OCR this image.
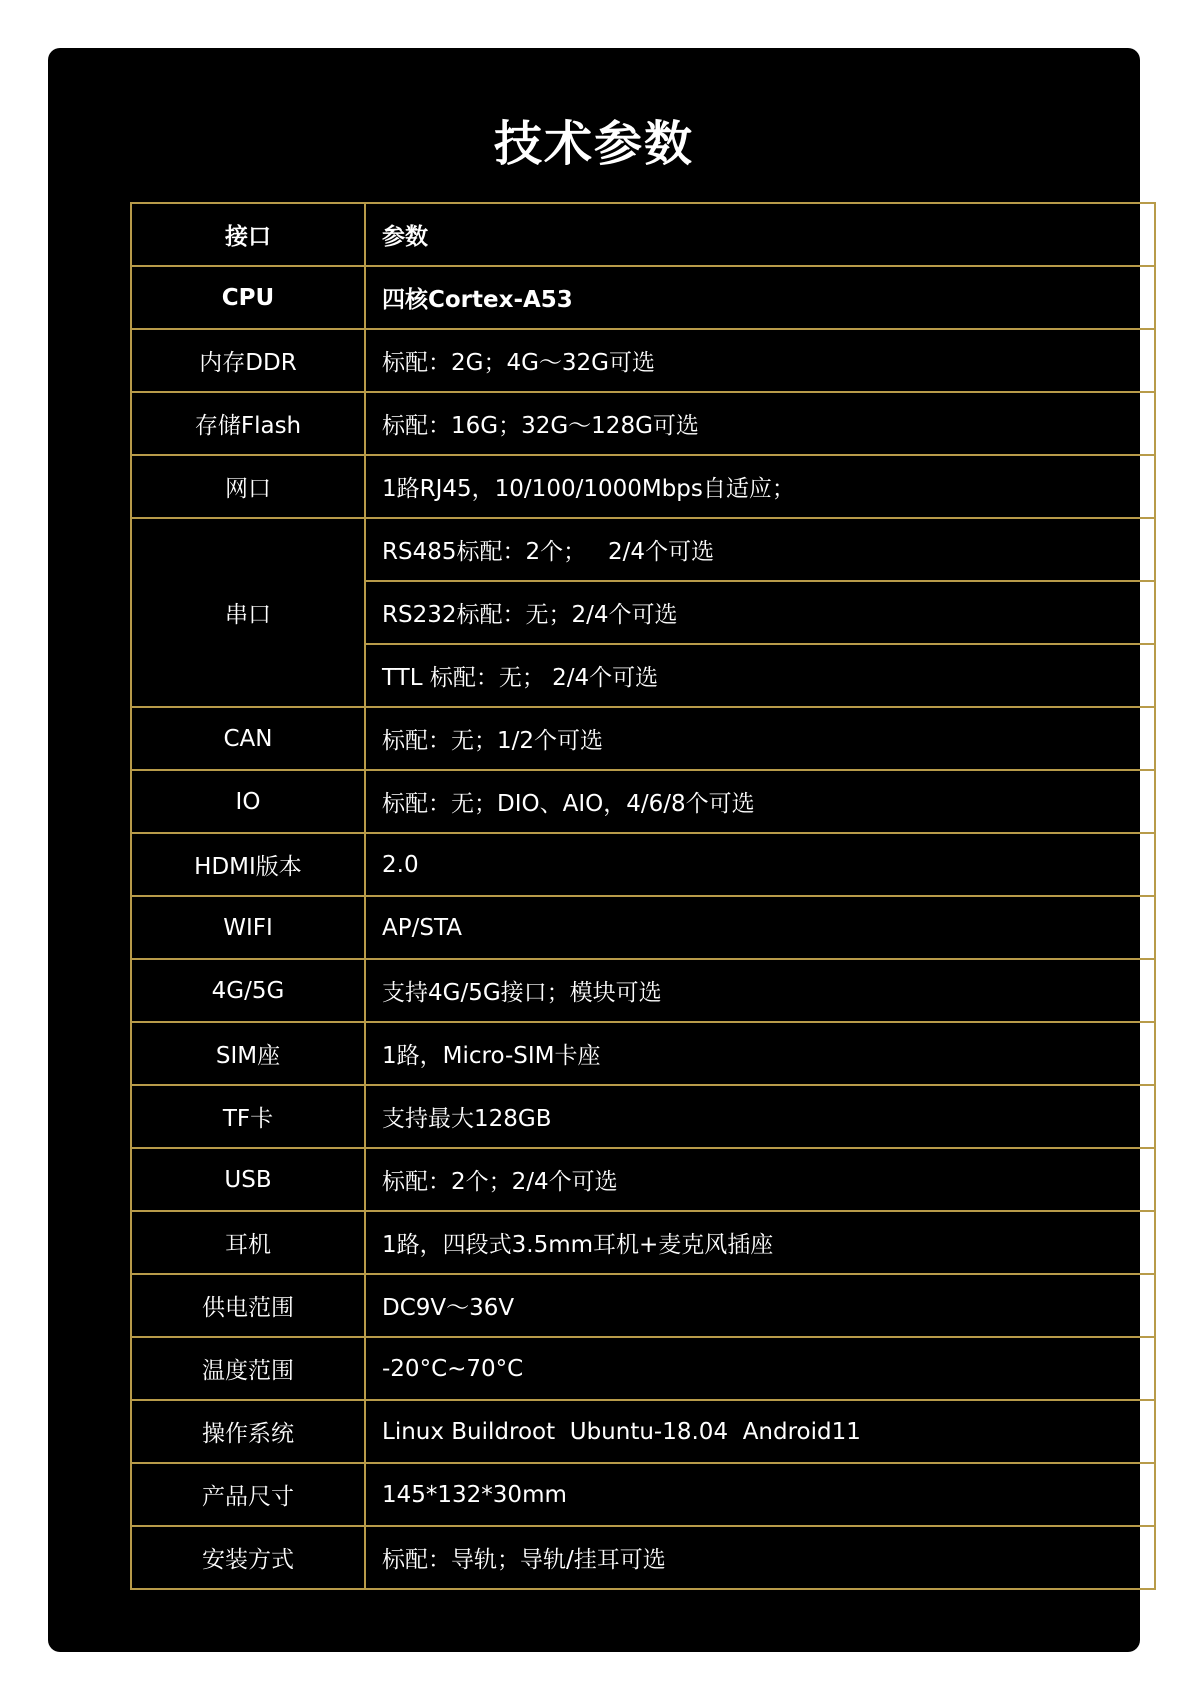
技术参数
接口	参数
CPU	四核Cortex-A53
内存DDR	标配：2G；4G～32G可选
存储Flash	标配：16G；32G～128G可选
网口	1路RJ45，10/100/1000Mbps自适应；
串口	RS485标配：2个；   2/4个可选
	RS232标配：无；2/4个可选
	TTL 标配：无； 2/4个可选
CAN	标配：无；1/2个可选
IO	标配：无；DIO、AIO，4/6/8个可选
HDMI版本	2.0
WIFI	AP/STA
4G/5G	支持4G/5G接口；模块可选
SIM座	1路，Micro-SIM卡座
TF卡	支持最大128GB
USB	标配：2个；2/4个可选
耳机	1路，四段式3.5mm耳机+麦克风插座
供电范围	DC9V～36V
温度范围	-20°C~70°C
操作系统	Linux Buildroot  Ubuntu-18.04  Android11
产品尺寸	145*132*30mm
安装方式	标配：导轨；导轨/挂耳可选
